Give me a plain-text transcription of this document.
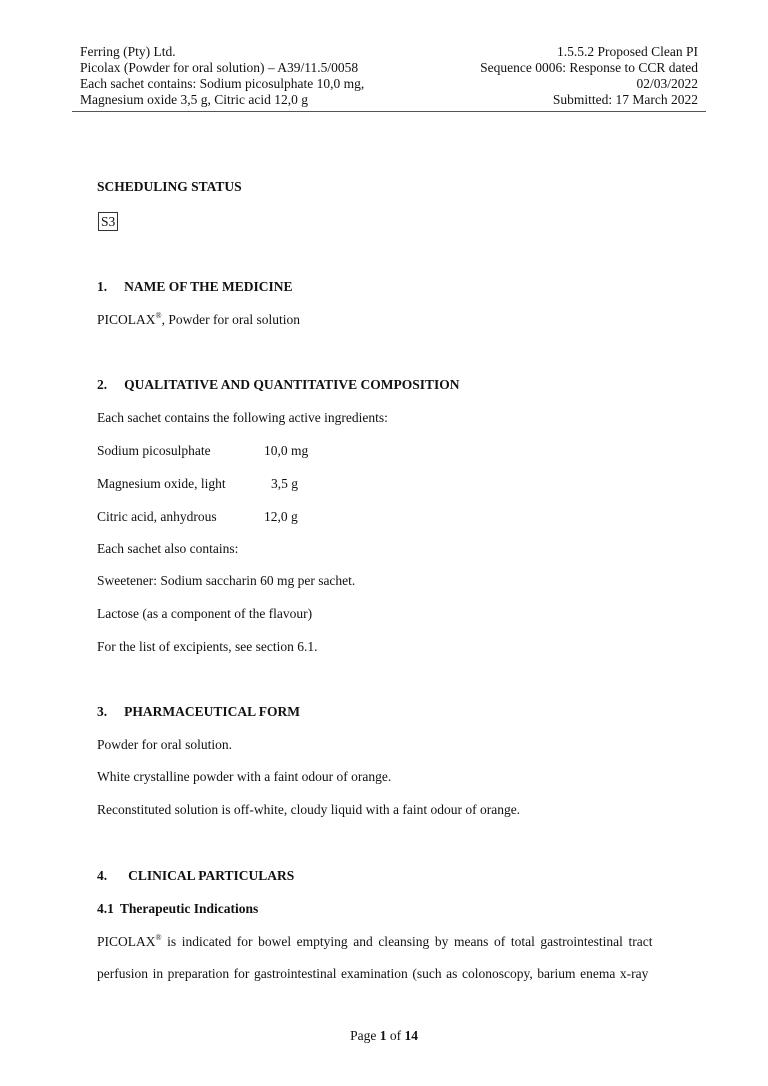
Ferring (Pty) Ltd.
Picolax (Powder for oral solution) – A39/11.5/0058
Each sachet contains: Sodium picosulphate 10,0 mg,
Magnesium oxide 3,5 g, Citric acid 12,0 g
1.5.5.2 Proposed Clean PI
Sequence 0006: Response to CCR dated
02/03/2022
Submitted: 17 March 2022
SCHEDULING STATUS
S3
1. NAME OF THE MEDICINE
PICOLAX®, Powder for oral solution
2. QUALITATIVE AND QUANTITATIVE COMPOSITION
Each sachet contains the following active ingredients:
Sodium picosulphate	10,0 mg
Magnesium oxide, light	3,5 g
Citric acid, anhydrous	12,0 g
Each sachet also contains:
Sweetener: Sodium saccharin 60 mg per sachet.
Lactose (as a component of the flavour)
For the list of excipients, see section 6.1.
3. PHARMACEUTICAL FORM
Powder for oral solution.
White crystalline powder with a faint odour of orange.
Reconstituted solution is off-white, cloudy liquid with a faint odour of orange.
4. CLINICAL PARTICULARS
4.1 Therapeutic Indications
PICOLAX® is indicated for bowel emptying and cleansing by means of total gastrointestinal tract
perfusion in preparation for gastrointestinal examination (such as colonoscopy, barium enema x-ray
Page 1 of 14
